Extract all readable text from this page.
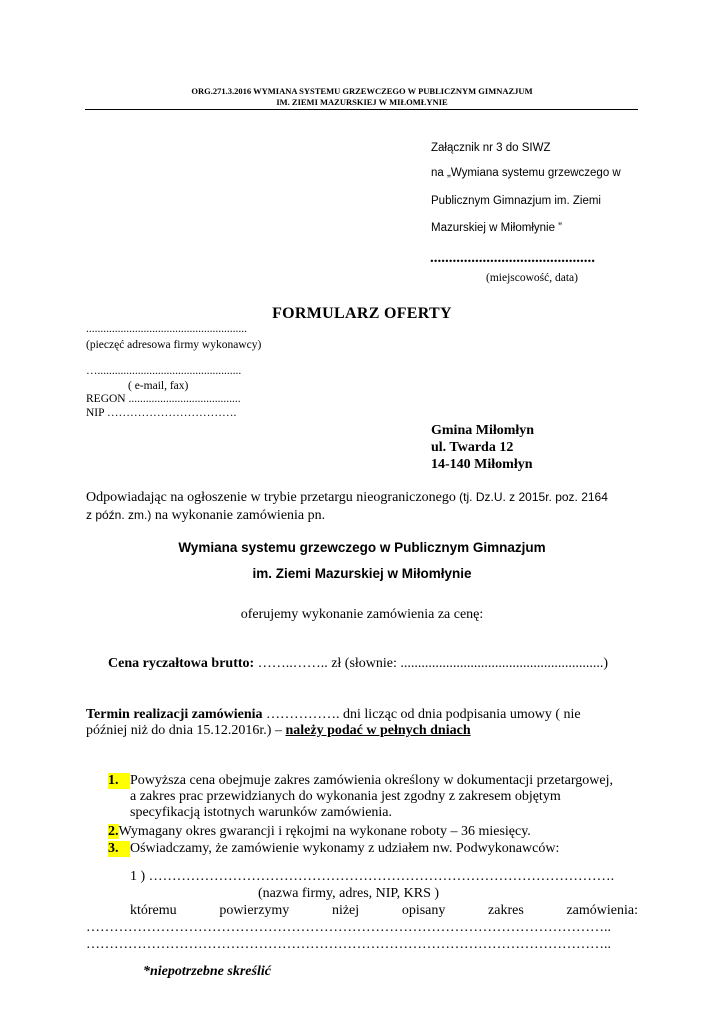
ORG.271.3.2016 WYMIANA SYSTEMU GRZEWCZEGO W PUBLICZNYM GIMNAZJUM
IM. ZIEMI MAZURSKIEJ W MIŁOMŁYNIE
Załącznik nr 3 do SIWZ
na „Wymiana systemu grzewczego w
Publicznym Gimnazjum im. Ziemi
Mazurskiej w Miłomłynie ”
............................................
(miejscowość, data)
FORMULARZ OFERTY
........................................................
(pieczęć adresowa firmy wykonawcy)
…..................................................
( e-mail, fax)
REGON .......................................
NIP …………………………….
Gmina Miłomłyn
ul. Twarda 12
14-140 Miłomłyn
Odpowiadając na ogłoszenie w trybie przetargu nieograniczonego (tj. Dz.U. z 2015r. poz. 2164
z późn. zm.) na wykonanie zamówienia pn.
Wymiana systemu grzewczego w Publicznym Gimnazjum
im. Ziemi Mazurskiej w Miłomłynie
oferujemy wykonanie zamówienia za cenę:
Cena ryczałtowa brutto: ……..…….. zł (słownie: ..........................................................)
Termin realizacji zamówienia ……………. dni licząc od dnia podpisania umowy ( nie
później niż do dnia 15.12.2016r.) – należy podać w pełnych dniach
1. Powyższa cena obejmuje zakres zamówienia określony w dokumentacji przetargowej,
a zakres prac przewidzianych do wykonania jest zgodny z zakresem objętym
specyfikacją istotnych warunków zamówienia.
2.Wymagany okres gwarancji i rękojmi na wykonane roboty – 36 miesięcy.
3. Oświadczamy, że zamówienie wykonamy z udziałem nw. Podwykonawców:
1 ) ……………………………………………………………………………………….
(nazwa firmy, adres, NIP, KRS )
któremu	powierzymy	niżej	opisany	zakres	zamówienia:
…………………………………………………………………………………………………..
…………………………………………………………………………………………………..
*niepotrzebne skreślić
